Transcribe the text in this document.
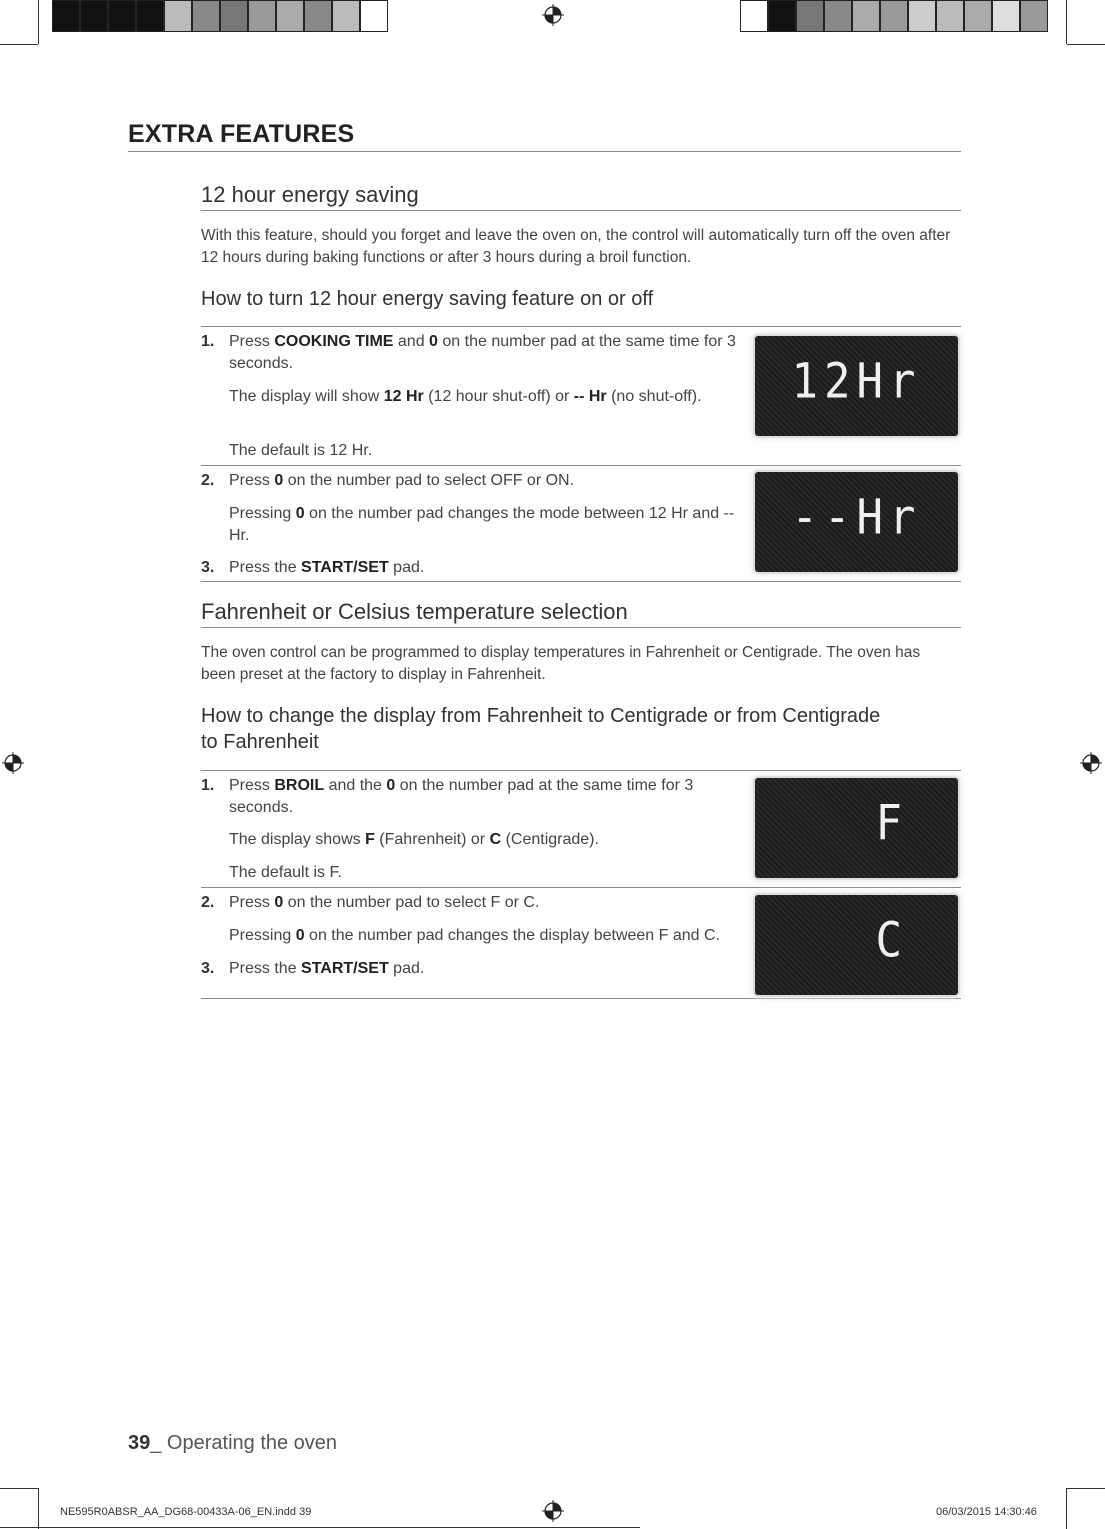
EXTRA FEATURES
12 hour energy saving
With this feature, should you forget and leave the oven on, the control will automatically turn off the oven after 12 hours during baking functions or after 3 hours during a broil function.
How to turn 12 hour energy saving feature on or off
1. Press COOKING TIME and 0 on the number pad at the same time for 3 seconds.
The display will show 12 Hr (12 hour shut-off) or -- Hr (no shut-off).
The default is 12 Hr.
2. Press 0 on the number pad to select OFF or ON.
Pressing 0 on the number pad changes the mode between 12 Hr and -- Hr.
3. Press the START/SET pad.
12Hr
--Hr
Fahrenheit or Celsius temperature selection
The oven control can be programmed to display temperatures in Fahrenheit or Centigrade. The oven has been preset at the factory to display in Fahrenheit.
How to change the display from Fahrenheit to Centigrade or from Centigrade
to Fahrenheit
1. Press BROIL and the 0 on the number pad at the same time for 3 seconds.
The display shows F (Fahrenheit) or C (Centigrade).
The default is F.
2. Press 0 on the number pad to select F or C.
Pressing 0 on the number pad changes the display between F and C.
3. Press the START/SET pad.
F
C
39_ Operating the oven
NE595R0ABSR_AA_DG68-00433A-06_EN.indd 39	06/03/2015 14:30:46
